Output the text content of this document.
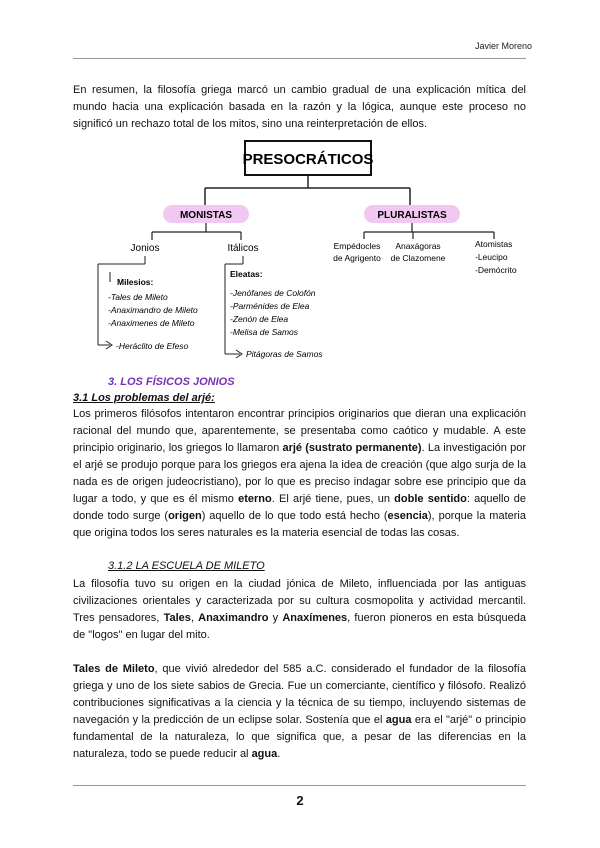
Javier Moreno

En resumen, la filosofía griega marcó un cambio gradual de una explicación mítica del mundo hacia una explicación basada en la razón y la lógica, aunque este proceso no significó un rechazo total de los mitos, sino una reinterpretación de ellos.

PRESOCRÁTICOS
MONISTAS	PLURALISTAS
Jonios	Itálicos	Empédocles
de Agrigento
Anaxágoras
de Clazomene
Atomistas
-Leucipo
-Demócrito
Milesios:
-Tales de Mileto
-Anaximandro de Mileto
-Anaximenes de Mileto
-Heráclito de Efeso
Eleatas:
-Jenófanes de Colofón
-Parménides de Elea
-Zenón de Elea
-Melisa de Samos
Pitágoras de Samos
3. LOS FÍSICOS JONIOS
3.1 Los problemas del arjé:

Los primeros filósofos intentaron encontrar principios originarios que dieran una explicación racional del mundo que, aparentemente, se presentaba como caótico y mudable. A este principio originario, los griegos lo llamaron arjé (sustrato permanente). La investigación por el arjé se produjo porque para los griegos era ajena la idea de creación (que algo surja de la nada es de origen judeocristiano), por lo que es preciso indagar sobre ese principio que da lugar a todo, y que es él mismo eterno. El arjé tiene, pues, un doble sentido: aquello de donde todo surge (origen) aquello de lo que todo está hecho (esencia), porque la materia que origina todos los seres naturales es la materia esencial de todas las cosas.

3.1.2 LA ESCUELA DE MILETO

La filosofía tuvo su origen en la ciudad jónica de Mileto, influenciada por las antiguas civilizaciones orientales y caracterizada por su cultura cosmopolita y actividad mercantil. Tres pensadores, Tales, Anaximandro y Anaxímenes, fueron pioneros en esta búsqueda de "logos" en lugar del mito.

Tales de Mileto, que vivió alrededor del 585 a.C. considerado el fundador de la filosofía griega y uno de los siete sabios de Grecia. Fue un comerciante, científico y filósofo. Realizó contribuciones significativas a la ciencia y la técnica de su tiempo, incluyendo sistemas de navegación y la predicción de un eclipse solar. Sostenía que el agua era el "arjé" o principio fundamental de la naturaleza, lo que significa que, a pesar de las diferencias en la naturaleza, todo se puede reducir al agua.

2
